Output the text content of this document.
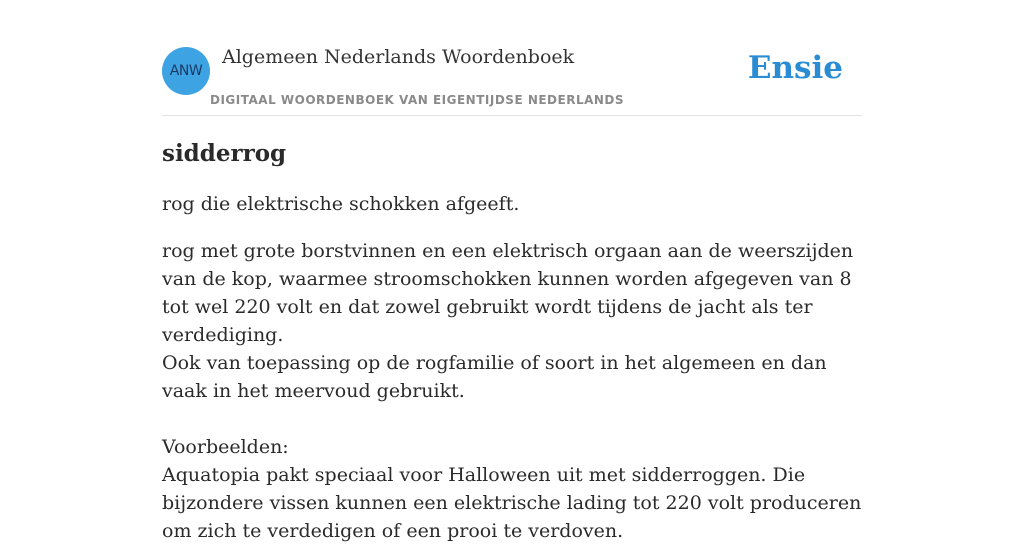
ANW
Algemeen Nederlands Woordenboek
DIGITAAL WOORDENBOEK VAN EIGENTIJDSE NEDERLANDS
Ensie
sidderrog

rog die elektrische schokken afgeeft.

rog met grote borstvinnen en een elektrisch orgaan aan de weerszijden van de kop, waarmee stroomschokken kunnen worden afgegeven van 8 tot wel 220 volt en dat zowel gebruikt wordt tijdens de jacht als ter verdediging.
Ook van toepassing op de rogfamilie of soort in het algemeen en dan vaak in het meervoud gebruikt.
Voorbeelden:
Aquatopia pakt speciaal voor Halloween uit met sidderroggen. Die bijzondere vissen kunnen een elektrische lading tot 220 volt produceren om zich te verdedigen of een prooi te verdoven.
